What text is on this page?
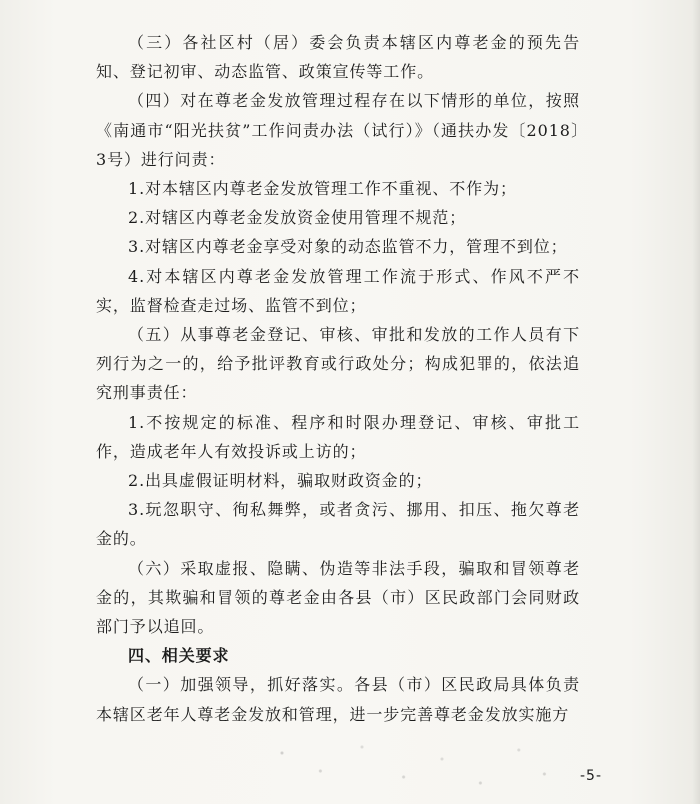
（三）各社区村（居）委会负责本辖区内尊老金的预先告知、登记初审、动态监管、政策宣传等工作。

（四）对在尊老金发放管理过程存在以下情形的单位，按照《南通市“阳光扶贫”工作问责办法（试行）》（通扶办发〔2018〕3号）进行问责：

1.对本辖区内尊老金发放管理工作不重视、不作为；

2.对辖区内尊老金发放资金使用管理不规范；

3.对辖区内尊老金享受对象的动态监管不力，管理不到位；

4.对本辖区内尊老金发放管理工作流于形式、作风不严不实，监督检查走过场、监管不到位；

（五）从事尊老金登记、审核、审批和发放的工作人员有下列行为之一的，给予批评教育或行政处分；构成犯罪的，依法追究刑事责任：

1.不按规定的标准、程序和时限办理登记、审核、审批工作，造成老年人有效投诉或上访的；

2.出具虚假证明材料，骗取财政资金的；

3.玩忽职守、徇私舞弊，或者贪污、挪用、扣压、拖欠尊老金的。

（六）采取虚报、隐瞒、伪造等非法手段，骗取和冒领尊老金的，其欺骗和冒领的尊老金由各县（市）区民政部门会同财政部门予以追回。

四、相关要求

（一）加强领导，抓好落实。各县（市）区民政局具体负责本辖区老年人尊老金发放和管理，进一步完善尊老金发放实施方

-5-
